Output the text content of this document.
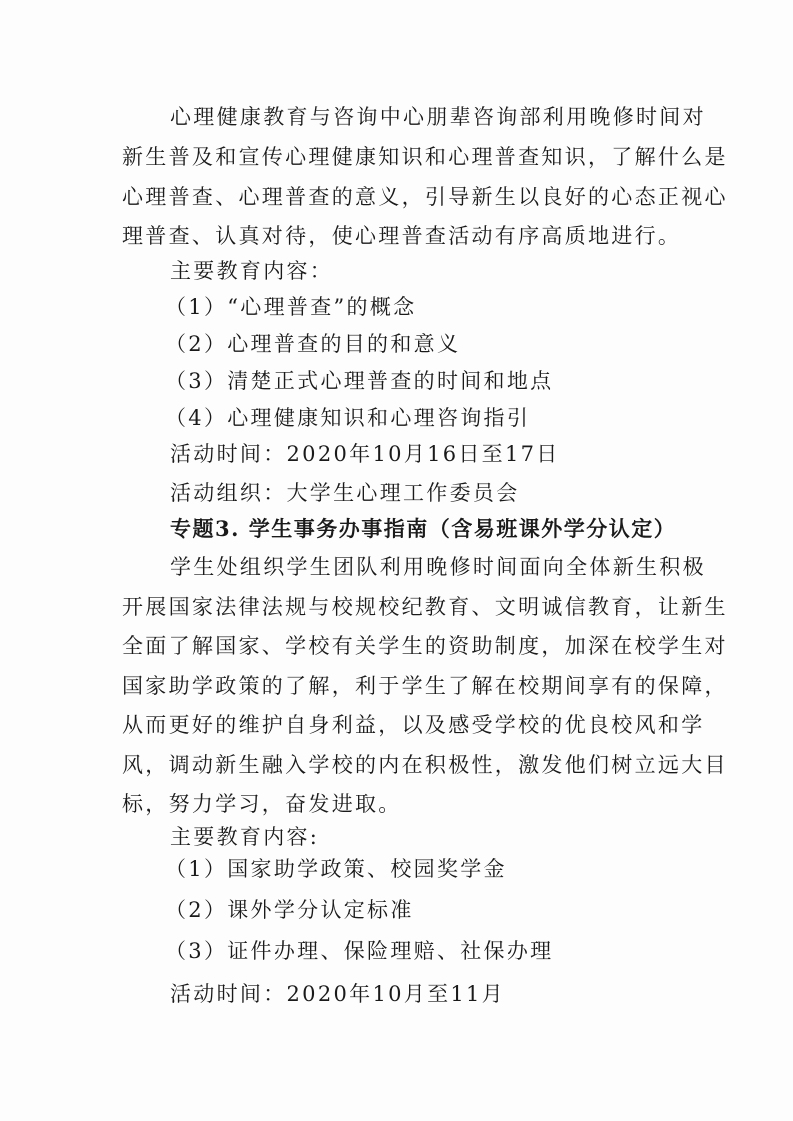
心理健康教育与咨询中心朋辈咨询部利用晚修时间对
新生普及和宣传心理健康知识和心理普查知识，了解什么是
心理普查、心理普查的意义，引导新生以良好的心态正视心
理普查、认真对待，使心理普查活动有序高质地进行。
主要教育内容：
（1）“心理普查”的概念
（2）心理普查的目的和意义
（3）清楚正式心理普查的时间和地点
（4）心理健康知识和心理咨询指引
活动时间：2020年10月16日至17日
活动组织：大学生心理工作委员会
专题3. 学生事务办事指南（含易班课外学分认定）
学生处组织学生团队利用晚修时间面向全体新生积极
开展国家法律法规与校规校纪教育、文明诚信教育，让新生
全面了解国家、学校有关学生的资助制度，加深在校学生对
国家助学政策的了解，利于学生了解在校期间享有的保障，
从而更好的维护自身利益，以及感受学校的优良校风和学
风，调动新生融入学校的内在积极性，激发他们树立远大目
标，努力学习，奋发进取。
主要教育内容:
（1）国家助学政策、校园奖学金
（2）课外学分认定标准
（3）证件办理、保险理赔、社保办理
活动时间：2020年10月至11月
